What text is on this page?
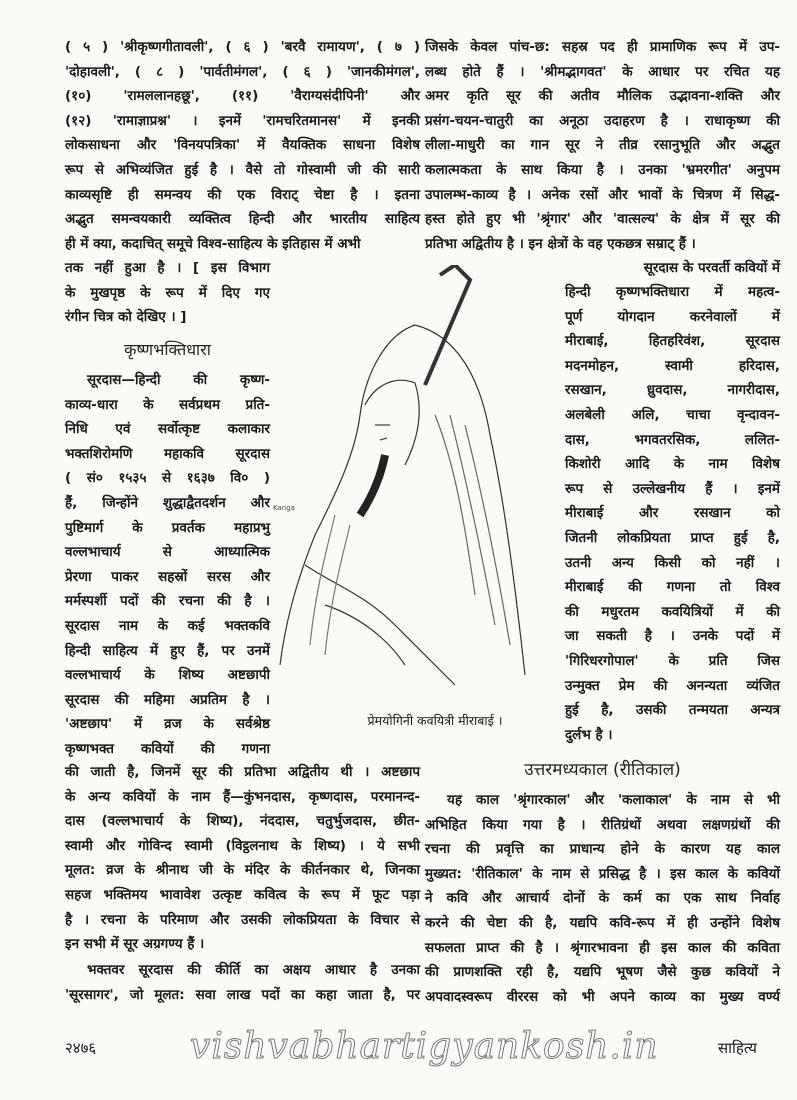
( ५ ) 'श्रीकृष्णगीतावली', ( ६ ) 'बरवै रामायण', ( ७ )
'दोहावली', ( ८ ) 'पार्वतीमंगल', ( ६ ) 'जानकीमंगल',
(१०) 'रामललानहछू', (११) 'वैराग्यसंदीपिनी' और
(१२) 'रामाज्ञाप्रश्न' । इनमें 'रामचरितमानस' में इनकी
लोकसाधना और 'विनयपत्रिका' में वैयक्तिक साधना विशेष
रूप से अभिव्यंजित हुई है । वैसे तो गोस्वामी जी की सारी
काव्यसृष्टि ही समन्वय की एक विराट् चेष्टा है । इतना
अद्भुत समन्वयकारी व्यक्तित्व हिन्दी और भारतीय साहित्य
ही में क्या, कदाचित् समूचे विश्व-साहित्य के इतिहास में अभी
तक नहीं हुआ है । [ इस विभाग
के मुखपृष्ठ के रूप में दिए गए
रंगीन चित्र को देखिए । ]
कृष्णभक्तिधारा
सूरदास—हिन्दी की कृष्ण-
काव्य-धारा के सर्वप्रथम प्रति-
निधि एवं सर्वोत्कृष्ट कलाकार
भक्तशिरोमणि महाकवि सूरदास
( सं० १५३५ से १६३७ वि० )
हैं, जिन्होंने शुद्धाद्वैतदर्शन और
पुष्टिमार्ग के प्रवर्तक महाप्रभु
वल्लभाचार्य से आध्यात्मिक
प्रेरणा पाकर सहस्रों सरस और
मर्मस्पर्शी पदों की रचना की है ।
सूरदास नाम के कई भक्तकवि
हिन्दी साहित्य में हुए हैं, पर उनमें
वल्लभाचार्य के शिष्य अष्टछापी
सूरदास की महिमा अप्रतिम है ।
'अष्टछाप' में व्रज के सर्वश्रेष्ठ
कृष्णभक्त कवियों की गणना
की जाती है, जिनमें सूर की प्रतिभा अद्वितीय थी । अष्टछाप
के अन्य कवियों के नाम हैं—कुंभनदास, कृष्णदास, परमानन्द-
दास (वल्लभाचार्य के शिष्य), नंददास, चतुर्भुजदास, छीत-
स्वामी और गोविन्द स्वामी (विट्ठलनाथ के शिष्य) । ये सभी
मूलत: व्रज के श्रीनाथ जी के मंदिर के कीर्तनकार थे, जिनका
सहज भक्तिमय भावावेश उत्कृष्ट कवित्व के रूप में फूट पड़ा
है । रचना के परिमाण और उसकी लोकप्रियता के विचार से
इन सभी में सूर अग्रगण्य हैं ।
भक्तवर सूरदास की कीर्ति का अक्षय आधार है उनका
'सूरसागर', जो मूलत: सवा लाख पदों का कहा जाता है, पर
जिसके केवल पांच-छ: सहस्र पद ही प्रामाणिक रूप में उप-
लब्ध होते हैं । 'श्रीमद्भागवत' के आधार पर रचित यह
अमर कृति सूर की अतीव मौलिक उद्भावना-शक्ति और
प्रसंग-चयन-चातुरी का अनूठा उदाहरण है । राधाकृष्ण की
लीला-माधुरी का गान सूर ने तीव्र रसानुभूति और अद्भुत
कलात्मकता के साथ किया है । उनका 'भ्रमरगीत' अनुपम
उपालम्भ-काव्य है । अनेक रसों और भावों के चित्रण में सिद्ध-
हस्त होते हुए भी 'श्रृंगार' और 'वात्सल्य' के क्षेत्र में सूर की
प्रतिभा अद्वितीय है । इन क्षेत्रों के वह एकछत्र सम्राट् हैं ।
सूरदास के परवर्ती कवियों में
हिन्दी कृष्णभक्तिधारा में महत्व-
पूर्ण योगदान करनेवालों में
मीराबाई, हितहरिवंश, सूरदास
मदनमोहन, स्वामी हरिदास,
रसखान, ध्रुवदास, नागरीदास,
अलबेली अलि, चाचा वृन्दावन-
दास, भगवतरसिक, ललित-
किशोरी आदि के नाम विशेष
रूप से उल्लेखनीय हैं । इनमें
मीराबाई और रसखान को
जितनी लोकप्रियता प्राप्त हुई है,
उतनी अन्य किसी को नहीं ।
मीराबाई की गणना तो विश्व
की मधुरतम कवयित्रियों में की
जा सकती है । उनके पदों में
'गिरिधरगोपाल' के प्रति जिस
उन्मुक्त प्रेम की अनन्यता व्यंजित
हुई है, उसकी तन्मयता अन्यत्र
दुर्लभ है ।
उत्तरमध्यकाल (रीतिकाल)
यह काल 'श्रृंगारकाल' और 'कलाकाल' के नाम से भी
अभिहित किया गया है । रीतिग्रंथों अथवा लक्षणग्रंथों की
रचना की प्रवृत्ति का प्राधान्य होने के कारण यह काल
मुख्यत: 'रीतिकाल' के नाम से प्रसिद्ध है । इस काल के कवियों
ने कवि और आचार्य दोनों के कर्म का एक साथ निर्वाह
करने की चेष्टा की है, यद्यपि कवि-रूप में ही उन्होंने विशेष
सफलता प्राप्त की है । श्रृंगारभावना ही इस काल की कविता
की प्राणशक्ति रही है, यद्यपि भूषण जैसे कुछ कवियों ने
अपवादस्वरूप वीररस को भी अपने काव्य का मुख्य वर्ण्य
Kanga
प्रेमयोगिनी कवयित्री मीराबाई ।
२४७६	vishvabhartigyankosh.in	साहित्य
